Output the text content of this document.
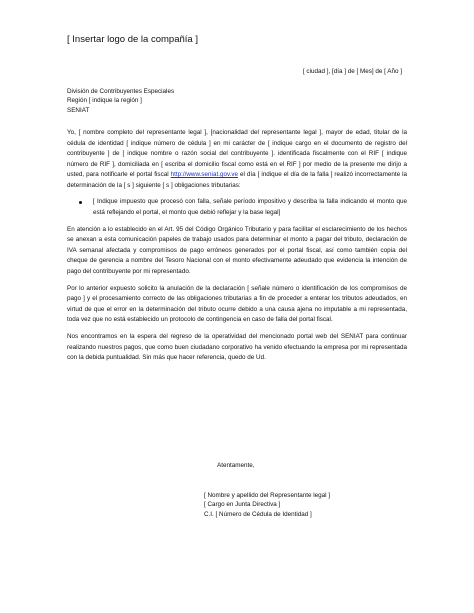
[ Insertar logo de la compañía ]
[ ciudad ], [día ] de [ Mes] de [ Año ]
División de Contribuyentes Especiales
Región [ indique la región ]
SENIAT

Yo, [ nombre completo del representante legal ], [nacionalidad del representante legal ], mayor de edad, titular de la cédula de identidad [ indique número de cédula ] en mi carácter de [ indique cargo en el documento de registro del contribuyente ] de [ indique nombre o razón social del contribuyente ]. identificada fiscalmente con el RIF [ indique número de RIF ], domiciliada en [ escriba el domicilio fiscal como está en el RIF ] por medio de la presente me dirijo a usted, para notificarle el portal fiscal http://www.seniat.gov.ve el día [ indique el día de la falla ] realizó incorrectamente la determinación de la [ s ] siguiente [ s ] obligaciones tributarias:

[ Indique impuesto que procesó con falla, señale período impositivo y describa la falla indicando el monto que está reflejando el portal, el monto que debió reflejar y la base legal]

En atención a lo establecido en el Art. 95 del Código Orgánico Tributario y para facilitar el esclarecimiento de los hechos se anexan a esta comunicación papeles de trabajo usados para determinar el monto a pagar del tributo, declaración de IVA semanal afectada y compromisos de pago erróneos generados por el portal fiscal, así como también copia del cheque de gerencia a nombre del Tesoro Nacional con el monto efectivamente adeudado que evidencia la intención de pago del contribuyente por mi representado.

Por lo anterior expuesto solicito la anulación de la declaración [ señale número o identificación de los compromisos de pago ] y el procesamiento correcto de las obligaciones tributarias a fin de proceder a enterar los tributos adeudados, en virtud de que el error en la determinación del tributo ocurre debido a una causa ajena no imputable a mi representada, toda vez que no está establecido un protocolo de contingencia en caso de falla del portal fiscal.

Nos encontramos en la espera del regreso de la operatividad del mencionado portal web del SENIAT para continuar realizando nuestros pagos, que como buen ciudadano corporativo ha venido efectuando la empresa por mi representada con la debida puntualidad. Sin más que hacer referencia, quedo de Ud.

Atentamente,
[ Nombre y apellido del Representante legal ]
[ Cargo en Junta Directiva ]
C.I. [ Número de Cédula de Identidad ]
